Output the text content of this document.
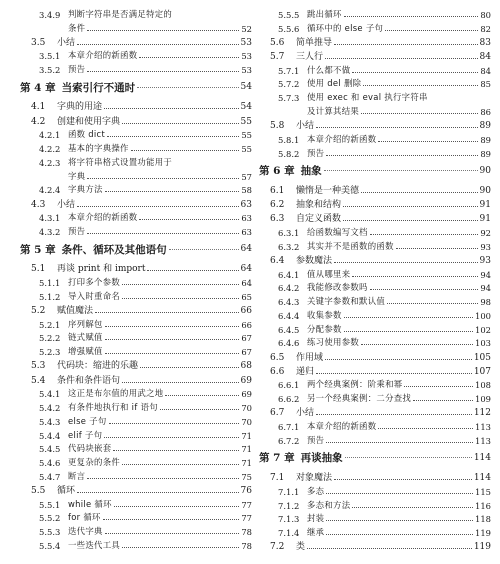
3.4.9 判断字符串是否满足特定的
条件	52
3.5	小结	53
3.5.1 本章介绍的新函数	53
3.5.2 预告	53
第 4 章 当索引行不通时	54
4.1	字典的用途	54
4.2	创建和使用字典	55
4.2.1 函数 dict	55
4.2.2 基本的字典操作	55
4.2.3 将字符串格式设置功能用于
字典	57
4.2.4 字典方法	58
4.3	小结	63
4.3.1 本章介绍的新函数	63
4.3.2 预告	63
第 5 章 条件、循环及其他语句	64
5.1	再谈 print 和 import	64
5.1.1 打印多个参数	64
5.1.2 导入时重命名	65
5.2	赋值魔法	66
5.2.1 序列解包	66
5.2.2 链式赋值	67
5.2.3 增强赋值	67
5.3	代码块：缩进的乐趣	68
5.4	条件和条件语句	69
5.4.1 这正是布尔值的用武之地	69
5.4.2 有条件地执行和 if 语句	70
5.4.3 else 子句	70
5.4.4 elif 子句	71
5.4.5 代码块嵌套	71
5.4.6 更复杂的条件	71
5.4.7 断言	75
5.5	循环	76
5.5.1 while 循环	77
5.5.2 for 循环	77
5.5.3 迭代字典	78
5.5.4 一些迭代工具	78
5.5.5 跳出循环	80
5.5.6 循环中的 else 子句	82
5.6	简单推导	83
5.7	三人行	84
5.7.1 什么都不做	84
5.7.2 使用 del 删除	85
5.7.3 使用 exec 和 eval 执行字符串
及计算其结果	86
5.8	小结	89
5.8.1 本章介绍的新函数	89
5.8.2 预告	89
第 6 章 抽象	90
6.1	懒惰是一种美德	90
6.2	抽象和结构	91
6.3	自定义函数	91
6.3.1 给函数编写文档	92
6.3.2 其实并不是函数的函数	93
6.4	参数魔法	93
6.4.1 值从哪里来	94
6.4.2 我能修改参数吗	94
6.4.3 关键字参数和默认值	98
6.4.4 收集参数	100
6.4.5 分配参数	102
6.4.6 练习使用参数	103
6.5	作用域	105
6.6	递归	107
6.6.1 两个经典案例：阶乘和幂	108
6.6.2 另一个经典案例：二分查找	109
6.7	小结	112
6.7.1 本章介绍的新函数	113
6.7.2 预告	113
第 7 章 再谈抽象	114
7.1	对象魔法	114
7.1.1 多态	115
7.1.2 多态和方法	116
7.1.3 封装	118
7.1.4 继承	119
7.2	类	119
